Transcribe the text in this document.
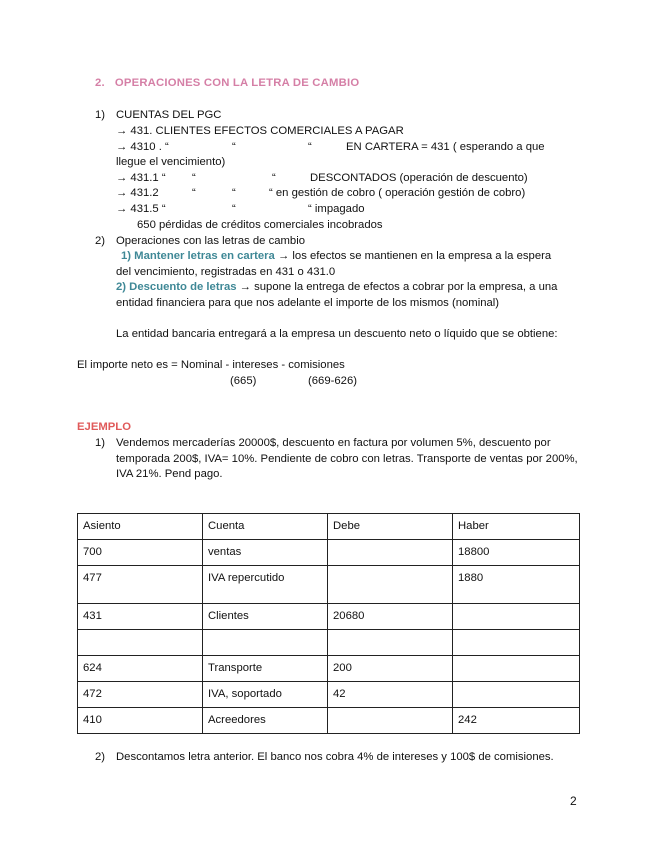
2. OPERACIONES CON LA LETRA DE CAMBIO
1) CUENTAS DEL PGC
→ 431. CLIENTES EFECTOS COMERCIALES A PAGAR
→ 4310 . “	“	“	EN CARTERA = 431 ( esperando a que
llegue el vencimiento)
→ 431.1 “ “	“	DESCONTADOS (operación de descuento)
→ 431.2	“	“	“ en gestión de cobro ( operación gestión de cobro)
→ 431.5 “	“	“ impagado
650 pérdidas de créditos comerciales incobrados
2) Operaciones con las letras de cambio
1) Mantener letras en cartera → los efectos se mantienen en la empresa a la espera
del vencimiento, registradas en 431 o 431.0
2) Descuento de letras → supone la entrega de efectos a cobrar por la empresa, a una
entidad financiera para que nos adelante el importe de los mismos (nominal)
La entidad bancaria entregará a la empresa un descuento neto o líquido que se obtiene:
El importe neto es = Nominal - intereses - comisiones
(665)	(669-626)
EJEMPLO
1) Vendemos mercaderías 20000$, descuento en factura por volumen 5%, descuento por temporada 200$, IVA= 10%. Pendiente de cobro con letras. Transporte de ventas por 200%, IVA 21%. Pend pago.
Asiento	Cuenta	Debe	Haber
700	ventas		18800
477	IVA repercutido		1880
431	Clientes	20680	

624	Transporte	200	
472	IVA, soportado	42	
410	Acreedores		242
2) Descontamos letra anterior. El banco nos cobra 4% de intereses y 100$ de comisiones.
2
